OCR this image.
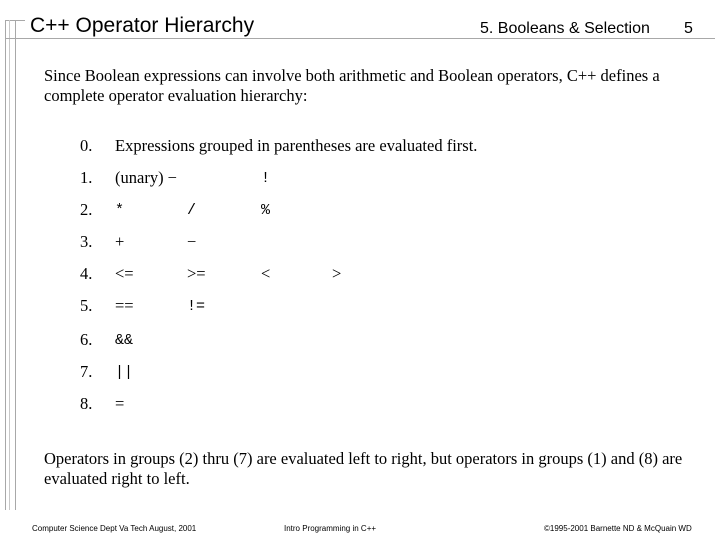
C++ Operator Hierarchy	5. Booleans & Selection 5
Since Boolean expressions can involve both arithmetic and Boolean operators, C++ defines a complete operator evaluation hierarchy:
0. Expressions grouped in parentheses are evaluated first.
1. (unary) −	!
2. *	/	%
3. +	−
4. <=	>=	<	>
5. ==	!=
6. &&
7. ||
8. =
Operators in groups (2) thru (7) are evaluated left to right, but operators in groups (1) and (8) are evaluated right to left.
Computer Science Dept Va Tech August, 2001	Intro Programming in C++	©1995-2001 Barnette ND & McQuain WD
